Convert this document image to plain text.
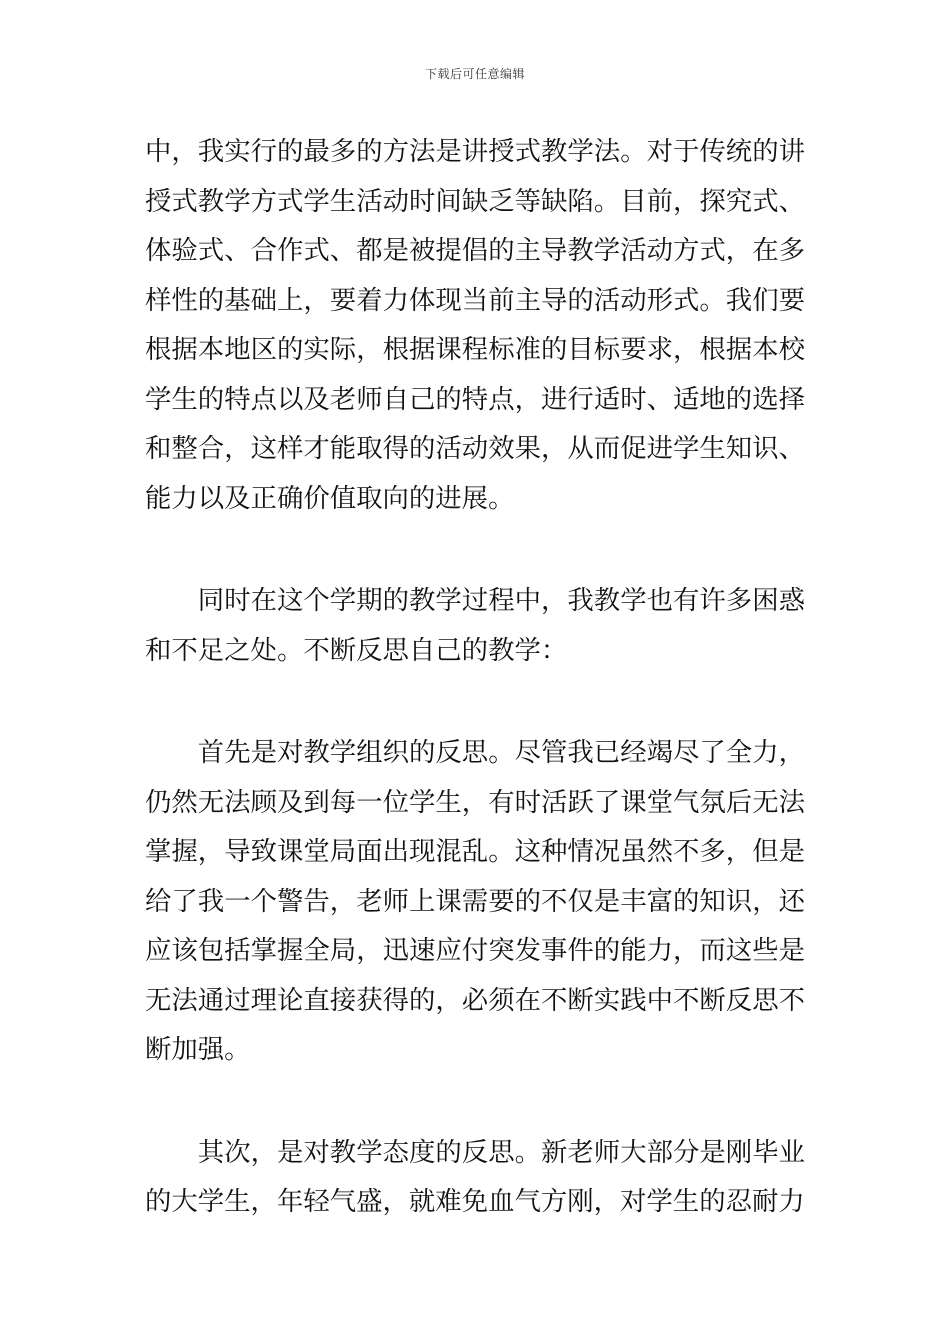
下载后可任意编辑

中，我实行的最多的方法是讲授式教学法。对于传统的讲授式教学方式学生活动时间缺乏等缺陷。目前，探究式、体验式、合作式、都是被提倡的主导教学活动方式，在多样性的基础上，要着力体现当前主导的活动形式。我们要根据本地区的实际，根据课程标准的目标要求，根据本校学生的特点以及老师自己的特点，进行适时、适地的选择和整合，这样才能取得的活动效果，从而促进学生知识、能力以及正确价值取向的进展。

同时在这个学期的教学过程中，我教学也有许多困惑和不足之处。不断反思自己的教学：

首先是对教学组织的反思。尽管我已经竭尽了全力，仍然无法顾及到每一位学生，有时活跃了课堂气氛后无法掌握，导致课堂局面出现混乱。这种情况虽然不多，但是给了我一个警告，老师上课需要的不仅是丰富的知识，还应该包括掌握全局，迅速应付突发事件的能力，而这些是无法通过理论直接获得的，必须在不断实践中不断反思不断加强。

其次，是对教学态度的反思。新老师大部分是刚毕业的大学生，年轻气盛，就难免血气方刚，对学生的忍耐力
